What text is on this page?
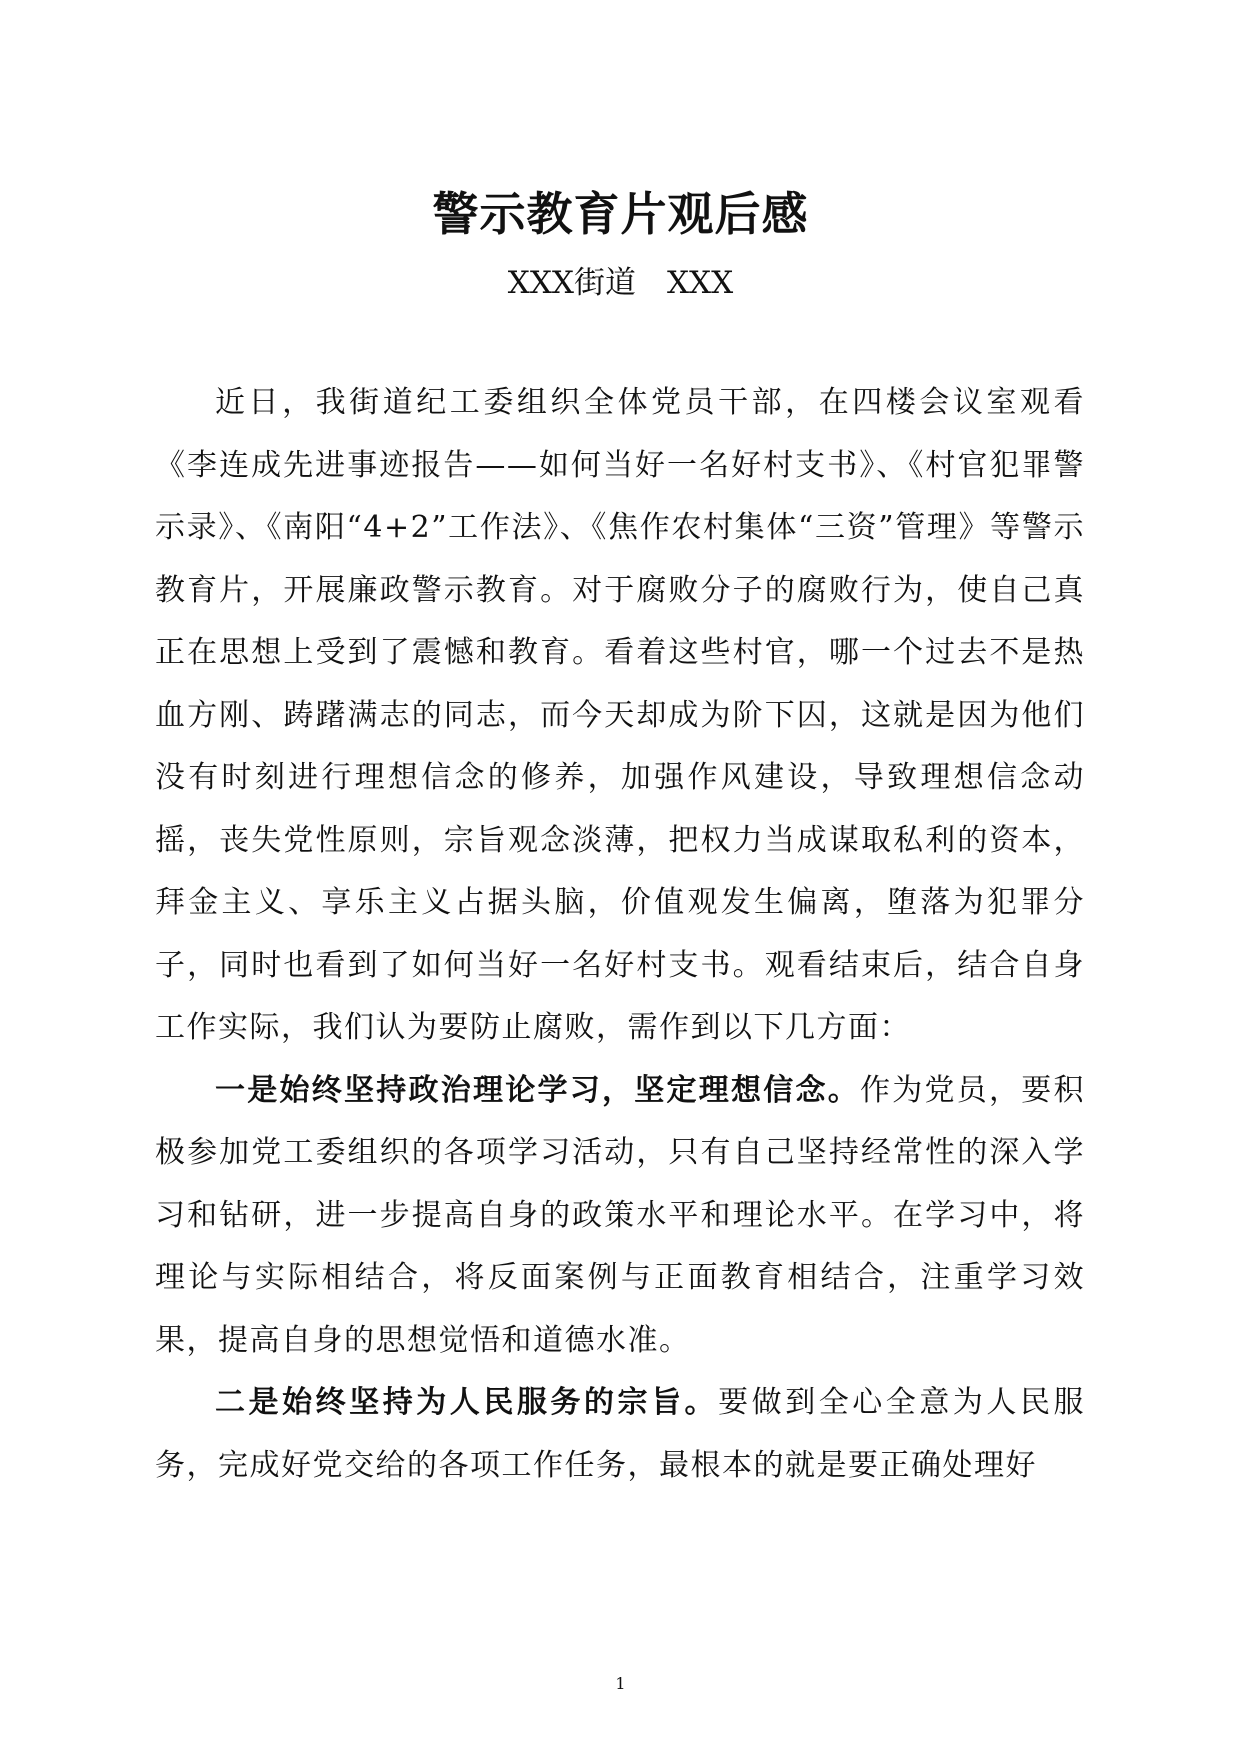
警示教育片观后感

XXX街道　XXX

近日，我街道纪工委组织全体党员干部，在四楼会议室观看《李连成先进事迹报告——如何当好一名好村支书》、《村官犯罪警示录》、《南阳“4+2”工作法》、《焦作农村集体“三资”管理》等警示教育片，开展廉政警示教育。对于腐败分子的腐败行为，使自己真正在思想上受到了震憾和教育。看着这些村官，哪一个过去不是热血方刚、踌躇满志的同志，而今天却成为阶下囚，这就是因为他们没有时刻进行理想信念的修养，加强作风建设，导致理想信念动摇，丧失党性原则，宗旨观念淡薄，把权力当成谋取私利的资本，拜金主义、享乐主义占据头脑，价值观发生偏离，堕落为犯罪分子，同时也看到了如何当好一名好村支书。观看结束后，结合自身工作实际，我们认为要防止腐败，需作到以下几方面：

一是始终坚持政治理论学习，坚定理想信念。作为党员，要积极参加党工委组织的各项学习活动，只有自己坚持经常性的深入学习和钻研，进一步提高自身的政策水平和理论水平。在学习中，将理论与实际相结合，将反面案例与正面教育相结合，注重学习效果，提高自身的思想觉悟和道德水准。

二是始终坚持为人民服务的宗旨。要做到全心全意为人民服务，完成好党交给的各项工作任务，最根本的就是要正确处理好

1
